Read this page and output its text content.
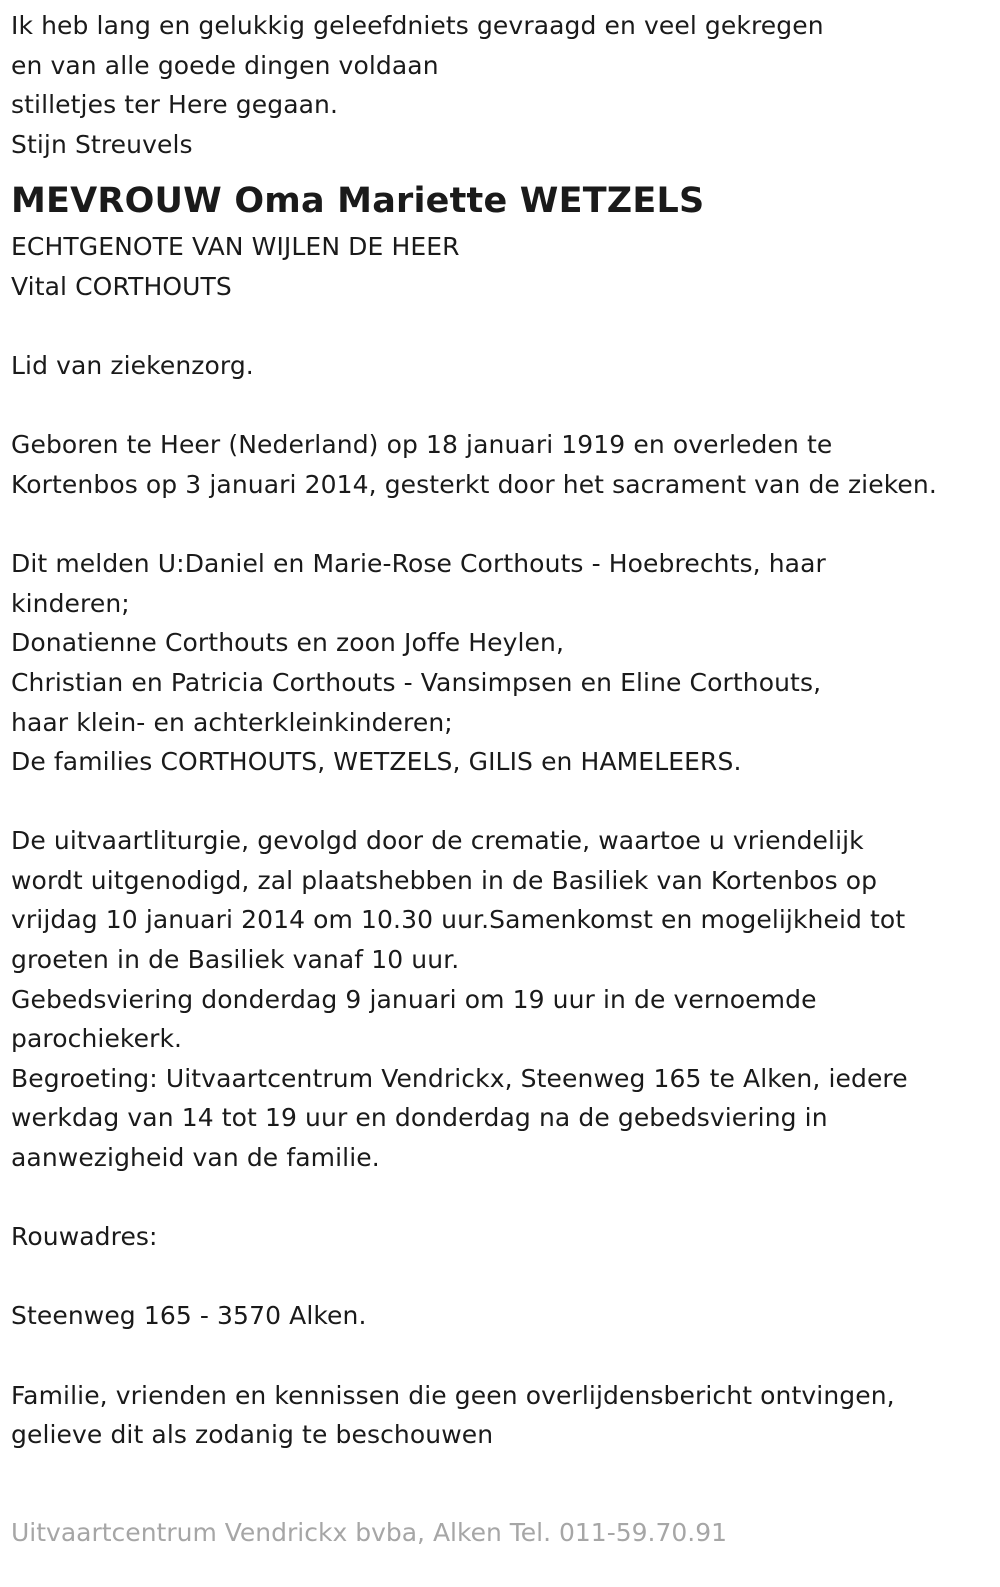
Ik heb lang en gelukkig geleefdniets gevraagd en veel gekregen
en van alle goede dingen voldaan
stilletjes ter Here gegaan.
Stijn Streuvels
MEVROUW Oma Mariette WETZELS
ECHTGENOTE VAN WIJLEN DE HEER
Vital CORTHOUTS
Lid van ziekenzorg.
Geboren te Heer (Nederland) op 18 januari 1919 en overleden te
Kortenbos op 3 januari 2014, gesterkt door het sacrament van de zieken.
Dit melden U:Daniel en Marie-Rose Corthouts - Hoebrechts, haar
kinderen;
Donatienne Corthouts en zoon Joffe Heylen,
Christian en Patricia Corthouts - Vansimpsen en Eline Corthouts,
haar klein- en achterkleinkinderen;
De families CORTHOUTS, WETZELS, GILIS en HAMELEERS.
De uitvaartliturgie, gevolgd door de crematie, waartoe u vriendelijk
wordt uitgenodigd, zal plaatshebben in de Basiliek van Kortenbos op
vrijdag 10 januari 2014 om 10.30 uur.Samenkomst en mogelijkheid tot
groeten in de Basiliek vanaf 10 uur.
Gebedsviering donderdag 9 januari om 19 uur in de vernoemde
parochiekerk.
Begroeting: Uitvaartcentrum Vendrickx, Steenweg 165 te Alken, iedere
werkdag van 14 tot 19 uur en donderdag na de gebedsviering in
aanwezigheid van de familie.
Rouwadres:
Steenweg 165 - 3570 Alken.
Familie, vrienden en kennissen die geen overlijdensbericht ontvingen,
gelieve dit als zodanig te beschouwen
Uitvaartcentrum Vendrickx bvba, Alken Tel. 011-59.70.91
